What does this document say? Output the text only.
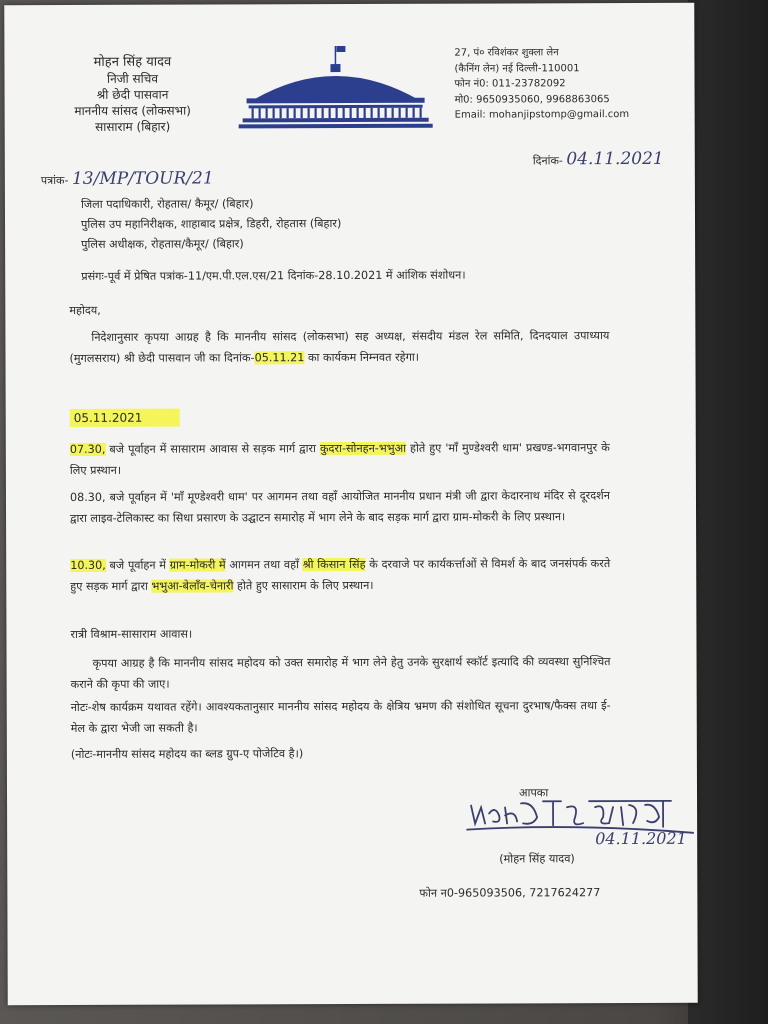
मोहन सिंह यादव
निजी सचिव
श्री छेदी पासवान
माननीय सांसद (लोकसभा)
सासाराम (बिहार)
27, पं० रविशंकर शुक्ला लेन
(कैनिंग लेन) नई दिल्ली-110001
फोन नं0: 011-23782092
मो0: 9650935060, 9968863065
Email: mohanjipstomp@gmail.com
पत्रांक- 13/MP/TOUR/21
दिनांक- 04.11.2021
जिला पदाधिकारी, रोहतास/ कैमूर/ (बिहार)
पुलिस उप महानिरीक्षक, शाहाबाद प्रक्षेत्र, डिहरी, रोहतास (बिहार)
पुलिस अधीक्षक, रोहतास/कैमूर/ (बिहार)
प्रसंगः-पूर्व में प्रेषित पत्रांक-11/एम.पी.एल.एस/21 दिनांक-28.10.2021 में आंशिक संशोधन।
महोदय,
निदेशानुसार कृपया आग्रह है कि माननीय सांसद (लोकसभा) सह अध्यक्ष, संसदीय मंडल रेल समिति, दिनदयाल उपाध्याय (मुगलसराय) श्री छेदी पासवान जी का दिनांक-05.11.21 का कार्यकम निम्नवत रहेगा।
05.11.2021
07.30, बजे पूर्वाहन में सासाराम आवास से सड़क मार्ग द्वारा कुदरा-सोनहन-भभुआ होते हुए 'माँ मुण्डेश्वरी धाम' प्रखण्ड-भगवानपुर के लिए प्रस्थान।
08.30, बजे पूर्वाहन में 'माँ मूण्डेश्वरी धाम' पर आगमन तथा वहाँ आयोजित माननीय प्रधान मंत्री जी द्वारा केदारनाथ मंदिर से दूरदर्शन द्वारा लाइव-टेलिकास्ट का सिधा प्रसारण के उद्घाटन समारोह में भाग लेने के बाद सड़क मार्ग द्वारा ग्राम-मोकरी के लिए प्रस्थान।
10.30, बजे पूर्वाहन में ग्राम-मोकरी में आगमन तथा वहाँ श्री किसान सिंह के दरवाजे पर कार्यकर्त्ताओं से विमर्श के बाद जनसंपर्क करते हुए सड़क मार्ग द्वारा भभुआ-बेलाँव-चेनारी होते हुए सासाराम के लिए प्रस्थान।
रात्री विश्राम-सासाराम आवास।
कृपया आग्रह है कि माननीय सांसद महोदय को उक्त समारोह में भाग लेने हेतु उनके सुरक्षार्थ स्कॉर्ट इत्यादि की व्यवस्था सुनिश्चित कराने की कृपा की जाए।
नोटः-शेष कार्यक्रम यथावत रहेंगे। आवश्यकतानुसार माननीय सांसद महोदय के क्षेत्रिय भ्रमण की संशोधित सूचना दुरभाष/फैक्स तथा ई-मेल के द्वारा भेजी जा सकती है।
(नोटः-माननीय सांसद महोदय का ब्लड ग्रुप-ए पोजेटिव है।)
आपका
04.11.2021
(मोहन सिंह यादव)
फोन न0-965093506, 7217624277
